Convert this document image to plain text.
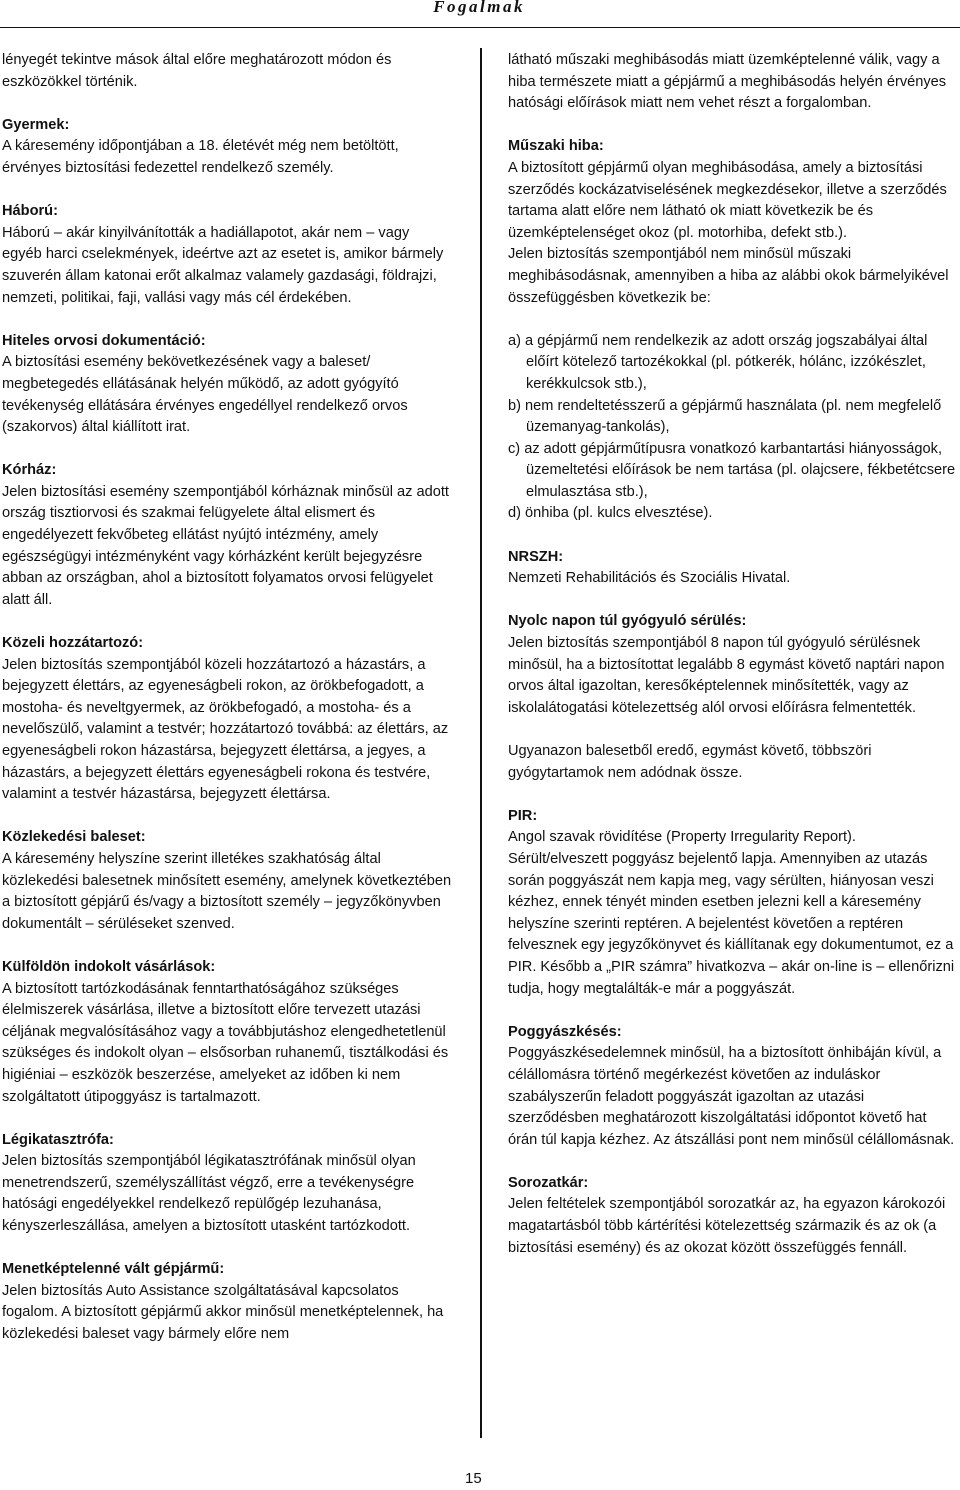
Fogalmak
lényegét tekintve mások által előre meghatározott módon és eszközökkel történik.
Gyermek:
A káresemény időpontjában a 18. életévét még nem betöltött, érvényes biztosítási fedezettel rendelkező személy.
Háború:
Háború – akár kinyilvánították a hadiállapotot, akár nem – vagy egyéb harci cselekmények, ideértve azt az esetet is, amikor bármely szuverén állam katonai erőt alkalmaz valamely gazdasági, földrajzi, nemzeti, politikai, faji, vallási vagy más cél érdekében.
Hiteles orvosi dokumentáció:
A biztosítási esemény bekövetkezésének vagy a baleset/ megbetegedés ellátásának helyén működő, az adott gyógyító tevékenység ellátására érvényes engedéllyel rendelkező orvos (szakorvos) által kiállított irat.
Kórház:
Jelen biztosítási esemény szempontjából kórháznak minősül az adott ország tisztiorvosi és szakmai felügyelete által elismert és engedélyezett fekvőbeteg ellátást nyújtó intézmény, amely egészségügyi intézményként vagy kórházként került bejegyzésre abban az országban, ahol a biztosított folyamatos orvosi felügyelet alatt áll.
Közeli hozzátartozó:
Jelen biztosítás szempontjából közeli hozzátartozó a házastárs, a bejegyzett élettárs, az egyeneságbeli rokon, az örökbefogadott, a mostoha- és neveltgyermek, az örökbefogadó, a mostoha- és a nevelőszülő, valamint a testvér; hozzátartozó továbbá: az élettárs, az egyeneságbeli rokon házastársa, bejegyzett élettársa, a jegyes, a házastárs, a bejegyzett élettárs egyeneságbeli rokona és testvére, valamint a testvér házastársa, bejegyzett élettársa.
Közlekedési baleset:
A káresemény helyszíne szerint illetékes szakhatóság által közlekedési balesetnek minősített esemény, amelynek következtében a biztosított gépjárű és/vagy a biztosított személy – jegyzőkönyvben dokumentált – sérüléseket szenved.
Külföldön indokolt vásárlások:
A biztosított tartózkodásának fenntarthatóságához szükséges élelmiszerek vásárlása, illetve a biztosított előre tervezett utazási céljának megvalósításához vagy a továbbjutáshoz elengedhetetlenül szükséges és indokolt olyan – elsősorban ruhanemű, tisztálkodási és higiéniai – eszközök beszerzése, amelyeket az időben ki nem szolgáltatott útipoggyász is tartalmazott.
Légikatasztrófa:
Jelen biztosítás szempontjából légikatasztrófának minősül olyan menetrendszerű, személyszállítást végző, erre a tevékenységre hatósági engedélyekkel rendelkező repülőgép lezuhanása, kényszerleszállása, amelyen a biztosított utasként tartózkodott.
Menetképtelenné vált gépjármű:
Jelen biztosítás Auto Assistance szolgáltatásával kapcsolatos fogalom. A biztosított gépjármű akkor minősül menetképtelennek, ha közlekedési baleset vagy bármely előre nem
látható műszaki meghibásodás miatt üzemképtelenné válik, vagy a hiba természete miatt a gépjármű a meghibásodás helyén érvényes hatósági előírások miatt nem vehet részt a forgalomban.
Műszaki hiba:
A biztosított gépjármű olyan meghibásodása, amely a biztosítási szerződés kockázatviselésének megkezdésekor, illetve a szerződés tartama alatt előre nem látható ok miatt következik be és üzemképtelenséget okoz (pl. motorhiba, defekt stb.).
Jelen biztosítás szempontjából nem minősül műszaki meghibásodásnak, amennyiben a hiba az alábbi okok bármelyikével összefüggésben következik be:
a) a gépjármű nem rendelkezik az adott ország jogszabályai által előírt kötelező tartozékokkal (pl. pótkerék, hólánc, izzókészlet, kerékkulcsok stb.),
b) nem rendeltetésszerű a gépjármű használata (pl. nem megfelelő üzemanyag-tankolás),
c) az adott gépjárműtípusra vonatkozó karbantartási hiányosságok, üzemeltetési előírások be nem tartása (pl. olajcsere, fékbetétcsere elmulasztása stb.),
d) önhiba (pl. kulcs elvesztése).
NRSZH:
Nemzeti Rehabilitációs és Szociális Hivatal.
Nyolc napon túl gyógyuló sérülés:
Jelen biztosítás szempontjából 8 napon túl gyógyuló sérülésnek minősül, ha a biztosítottat legalább 8 egymást követő naptári napon orvos által igazoltan, keresőképtelennek minősítették, vagy az iskolalátogatási kötelezettség alól orvosi előírásra felmentették.
Ugyanazon balesetből eredő, egymást követő, többszöri gyógytartamok nem adódnak össze.
PIR:
Angol szavak rövidítése (Property Irregularity Report). Sérült/elveszett poggyász bejelentő lapja. Amennyiben az utazás során poggyászát nem kapja meg, vagy sérülten, hiányosan veszi kézhez, ennek tényét minden esetben jelezni kell a káresemény helyszíne szerinti reptéren. A bejelentést követően a reptéren felvesznek egy jegyzőkönyvet és kiállítanak egy dokumentumot, ez a PIR. Később a „PIR számra” hivatkozva – akár on-line is – ellenőrizni tudja, hogy megtalálták-e már a poggyászát.
Poggyászkésés:
Poggyászkésedelemnek minősül, ha a biztosított önhibáján kívül, a célállomásra történő megérkezést követően az induláskor szabályszerűn feladott poggyászát igazoltan az utazási szerződésben meghatározott kiszolgáltatási időpontot követő hat órán túl kapja kézhez. Az átszállási pont nem minősül célállomásnak.
Sorozatkár:
Jelen feltételek szempontjából sorozatkár az, ha egyazon károkozói magatartásból több kártérítési kötelezettség származik és az ok (a biztosítási esemény) és az okozat között összefüggés fennáll.
15
